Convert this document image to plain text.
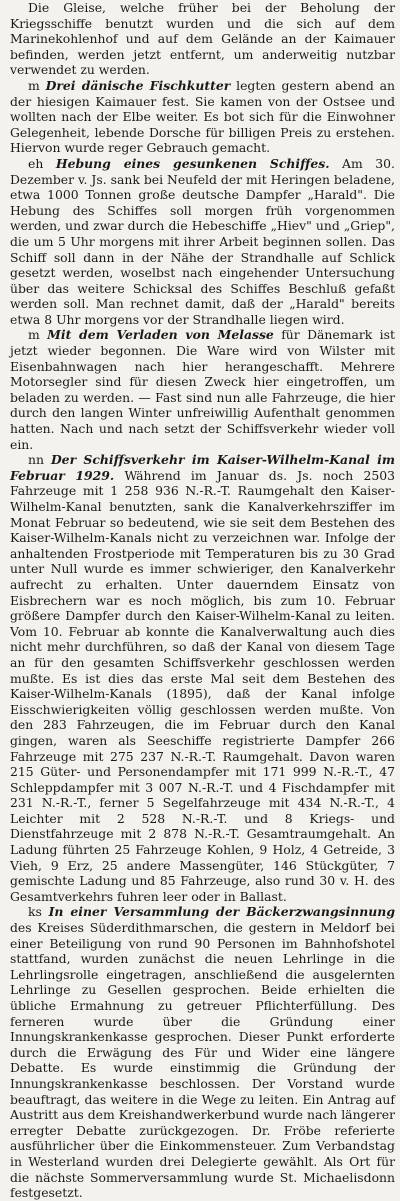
Die Gleise, welche früher bei der Beholung der Kriegsschiffe benutzt wurden und die sich auf dem Marinekohlenhof und auf dem Gelände an der Kaimauer befinden, werden jetzt entfernt, um anderweitig nutzbar verwendet zu werden.

m Drei dänische Fischkutter legten gestern abend an der hiesigen Kaimauer fest. Sie kamen von der Ostsee und wollten nach der Elbe weiter. Es bot sich für die Einwohner Gelegenheit, lebende Dorsche für billigen Preis zu erstehen. Hiervon wurde reger Gebrauch gemacht.

eh Hebung eines gesunkenen Schiffes. Am 30. Dezember v. Js. sank bei Neufeld der mit Heringen beladene, etwa 1000 Tonnen große deutsche Dampfer „Harald". Die Hebung des Schiffes soll morgen früh vorgenommen werden, und zwar durch die Hebeschiffe „Hiev" und „Griep", die um 5 Uhr morgens mit ihrer Arbeit beginnen sollen. Das Schiff soll dann in der Nähe der Strandhalle auf Schlick gesetzt werden, woselbst nach eingehender Untersuchung über das weitere Schicksal des Schiffes Beschluß gefaßt werden soll. Man rechnet damit, daß der „Harald" bereits etwa 8 Uhr morgens vor der Strandhalle liegen wird.

m Mit dem Verladen von Melasse für Dänemark ist jetzt wieder begonnen. Die Ware wird von Wilster mit Eisenbahnwagen nach hier herangeschafft. Mehrere Motorsegler sind für diesen Zweck hier eingetroffen, um beladen zu werden. — Fast sind nun alle Fahrzeuge, die hier durch den langen Winter unfreiwillig Aufenthalt genommen hatten. Nach und nach setzt der Schiffsverkehr wieder voll ein.

nn Der Schiffsverkehr im Kaiser-Wilhelm-Kanal im Februar 1929. Während im Januar ds. Js. noch 2503 Fahrzeuge mit 1 258 936 N.-R.-T. Raumgehalt den Kaiser-Wilhelm-Kanal benutzten, sank die Kanalverkehrsziffer im Monat Februar so bedeutend, wie sie seit dem Bestehen des Kaiser-Wilhelm-Kanals nicht zu verzeichnen war. Infolge der anhaltenden Frostperiode mit Temperaturen bis zu 30 Grad unter Null wurde es immer schwieriger, den Kanalverkehr aufrecht zu erhalten. Unter dauerndem Einsatz von Eisbrechern war es noch möglich, bis zum 10. Februar größere Dampfer durch den Kaiser-Wilhelm-Kanal zu leiten. Vom 10. Februar ab konnte die Kanalverwaltung auch dies nicht mehr durchführen, so daß der Kanal von diesem Tage an für den gesamten Schiffsverkehr geschlossen werden mußte. Es ist dies das erste Mal seit dem Bestehen des Kaiser-Wilhelm-Kanals (1895), daß der Kanal infolge Eisschwierigkeiten völlig geschlossen werden mußte. Von den 283 Fahrzeugen, die im Februar durch den Kanal gingen, waren als Seeschiffe registrierte Dampfer 266 Fahrzeuge mit 275 237 N.-R.-T. Raumgehalt. Davon waren 215 Güter- und Personendampfer mit 171 999 N.-R.-T., 47 Schleppdampfer mit 3 007 N.-R.-T. und 4 Fischdampfer mit 231 N.-R.-T., ferner 5 Segelfahrzeuge mit 434 N.-R.-T., 4 Leichter mit 2 528 N.-R.-T. und 8 Kriegs- und Dienstfahrzeuge mit 2 878 N.-R.-T. Gesamtraumgehalt. An Ladung führten 25 Fahrzeuge Kohlen, 9 Holz, 4 Getreide, 3 Vieh, 9 Erz, 25 andere Massengüter, 146 Stückgüter, 7 gemischte Ladung und 85 Fahrzeuge, also rund 30 v. H. des Gesamtverkehrs fuhren leer oder in Ballast.

ks In einer Versammlung der Bäckerzwangsinnung des Kreises Süderdithmarschen, die gestern in Meldorf bei einer Beteiligung von rund 90 Personen im Bahnhofshotel stattfand, wurden zunächst die neuen Lehrlinge in die Lehrlingsrolle eingetragen, anschließend die ausgelernten Lehrlinge zu Gesellen gesprochen. Beide erhielten die übliche Ermahnung zu getreuer Pflichterfüllung. Des ferneren wurde über die Gründung einer Innungskrankenkasse gesprochen. Dieser Punkt erforderte durch die Erwägung des Für und Wider eine längere Debatte. Es wurde einstimmig die Gründung der Innungskrankenkasse beschlossen. Der Vorstand wurde beauftragt, das weitere in die Wege zu leiten. Ein Antrag auf Austritt aus dem Kreishandwerkerbund wurde nach längerer erregter Debatte zurückgezogen. Dr. Fröbe referierte ausführlicher über die Einkommensteuer. Zum Verbandstag in Westerland wurden drei Delegierte gewählt. Als Ort für die nächste Sommerversammlung wurde St. Michaelisdonn festgesetzt.
